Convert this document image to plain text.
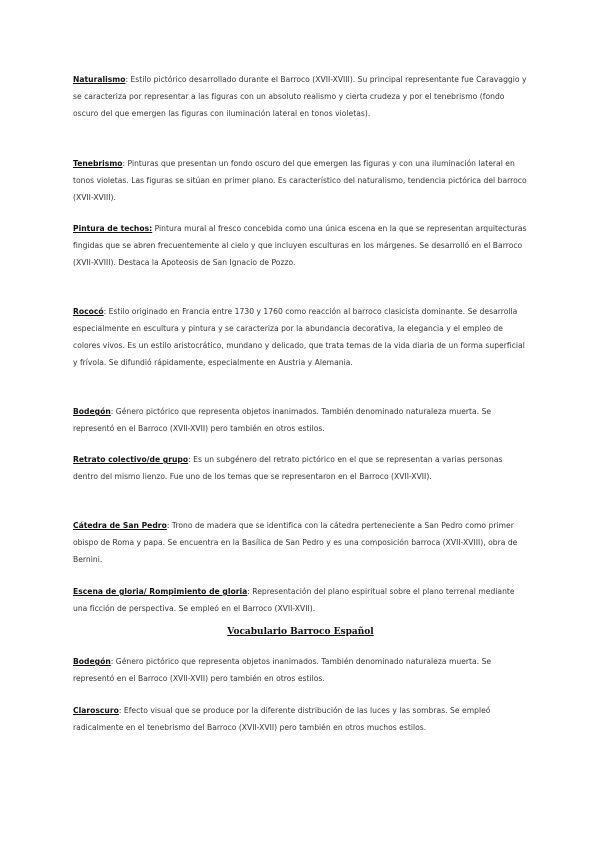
Naturalismo: Estilo pictórico desarrollado durante el Barroco (XVII-XVIII). Su principal representante fue Caravaggio y se caracteriza por representar a las figuras con un absoluto realismo y cierta crudeza y por el tenebrismo (fondo oscuro del que emergen las figuras con iluminación lateral en tonos violetas).

Tenebrismo: Pinturas que presentan un fondo oscuro del que emergen las figuras y con una iluminación lateral en tonos violetas. Las figuras se sitúan en primer plano. Es característico del naturalismo, tendencia pictórica del barroco (XVII-XVIII).

Pintura de techos: Pintura mural al fresco concebida como una única escena en la que se representan arquitecturas fingidas que se abren frecuentemente al cielo y que incluyen esculturas en los márgenes. Se desarrolló en el Barroco (XVII-XVIII). Destaca la Apoteosis de San Ignacio de Pozzo.

Rococó: Estilo originado en Francia entre 1730 y 1760 como reacción al barroco clasicista dominante. Se desarrolla especialmente en escultura y pintura y se caracteriza por la abundancia decorativa, la elegancia y el empleo de colores vivos. Es un estilo aristocrático, mundano y delicado, que trata temas de la vida diaria de un forma superficial y frívola. Se difundió rápidamente, especialmente en Austria y Alemania.

Bodegón: Género pictórico que representa objetos inanimados. También denominado naturaleza muerta. Se representó en el Barroco (XVII-XVII) pero también en otros estilos.

Retrato colectivo/de grupo: Es un subgénero del retrato pictórico en el que se representan a varias personas dentro del mismo lienzo. Fue uno de los temas que se representaron en el Barroco (XVII-XVII).

Cátedra de San Pedro: Trono de madera que se identifica con la cátedra perteneciente a San Pedro como primer obispo de Roma y papa. Se encuentra en la Basílica de San Pedro y es una composición barroca (XVII-XVIII), obra de Bernini.

Escena de gloria/ Rompimiento de gloria: Representación del plano espiritual sobre el plano terrenal mediante una ficción de perspectiva. Se empleó en el Barroco (XVII-XVII).

Bodegón: Género pictórico que representa objetos inanimados. También denominado naturaleza muerta. Se representó en el Barroco (XVII-XVII) pero también en otros estilos.

Claroscuro: Efecto visual que se produce por la diferente distribución de las luces y las sombras. Se empleó radicalmente en el tenebrismo del Barroco (XVII-XVII) pero también en otros muchos estilos.

Vocabulario Barroco Español
